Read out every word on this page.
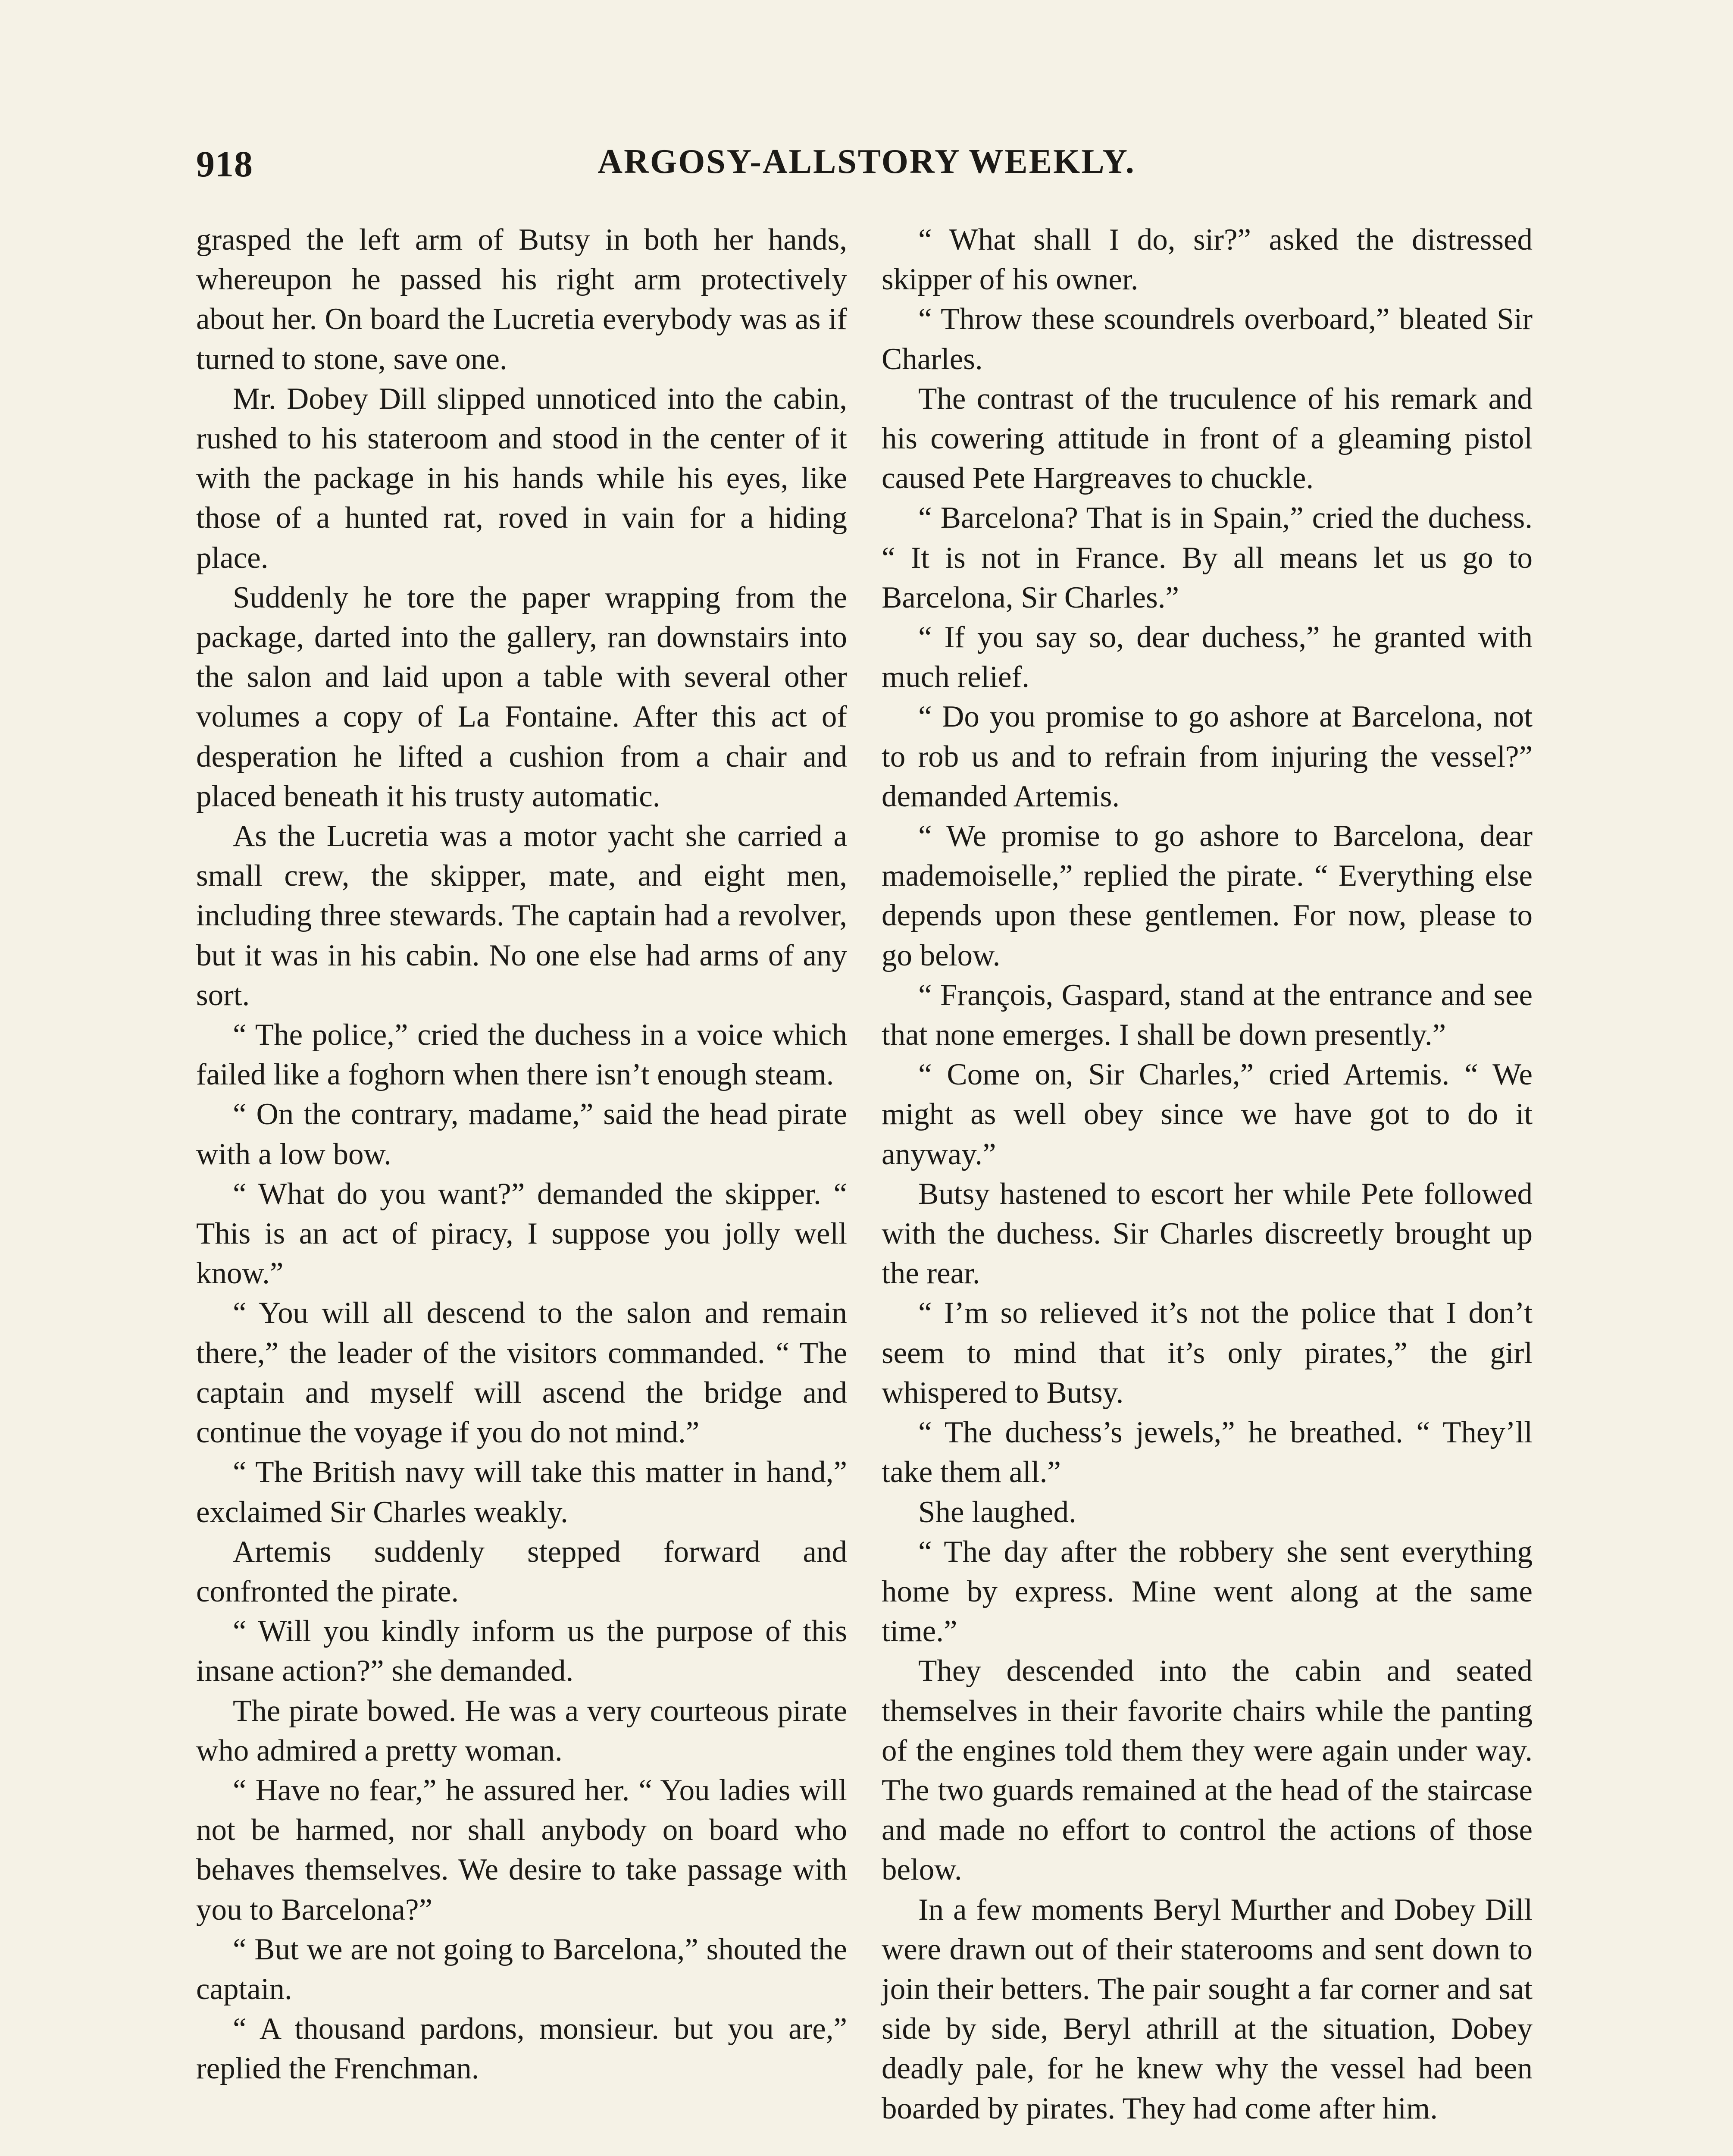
918	ARGOSY-ALLSTORY WEEKLY.

grasped the left arm of Butsy in both her hands, whereupon he passed his right arm protectively about her. On board the Lucretia everybody was as if turned to stone, save one.

Mr. Dobey Dill slipped unnoticed into the cabin, rushed to his stateroom and stood in the center of it with the package in his hands while his eyes, like those of a hunted rat, roved in vain for a hiding place.

Suddenly he tore the paper wrapping from the package, darted into the gallery, ran downstairs into the salon and laid upon a table with several other volumes a copy of La Fontaine. After this act of desperation he lifted a cushion from a chair and placed beneath it his trusty automatic.

As the Lucretia was a motor yacht she carried a small crew, the skipper, mate, and eight men, including three stewards. The captain had a revolver, but it was in his cabin. No one else had arms of any sort.

“ The police,” cried the duchess in a voice which failed like a foghorn when there isn’t enough steam.

“ On the contrary, madame,” said the head pirate with a low bow.

“ What do you want?” demanded the skipper. “ This is an act of piracy, I suppose you jolly well know.”

“ You will all descend to the salon and remain there,” the leader of the visitors commanded. “ The captain and myself will ascend the bridge and continue the voyage if you do not mind.”

“ The British navy will take this matter in hand,” exclaimed Sir Charles weakly.

Artemis suddenly stepped forward and confronted the pirate.

“ Will you kindly inform us the purpose of this insane action?” she demanded.

The pirate bowed. He was a very courteous pirate who admired a pretty woman.

“ Have no fear,” he assured her. “ You ladies will not be harmed, nor shall anybody on board who behaves themselves. We desire to take passage with you to Barcelona?”

“ But we are not going to Barcelona,” shouted the captain.

“ A thousand pardons, monsieur. but you are,” replied the Frenchman.

“ What shall I do, sir?” asked the distressed skipper of his owner.

“ Throw these scoundrels overboard,” bleated Sir Charles.

The contrast of the truculence of his remark and his cowering attitude in front of a gleaming pistol caused Pete Hargreaves to chuckle.

“ Barcelona? That is in Spain,” cried the duchess. “ It is not in France. By all means let us go to Barcelona, Sir Charles.”

“ If you say so, dear duchess,” he granted with much relief.

“ Do you promise to go ashore at Barcelona, not to rob us and to refrain from injuring the vessel?” demanded Artemis.

“ We promise to go ashore to Barcelona, dear mademoiselle,” replied the pirate. “ Everything else depends upon these gentlemen. For now, please to go below.

“ François, Gaspard, stand at the entrance and see that none emerges. I shall be down presently.”

“ Come on, Sir Charles,” cried Artemis. “ We might as well obey since we have got to do it anyway.”

Butsy hastened to escort her while Pete followed with the duchess. Sir Charles discreetly brought up the rear.

“ I’m so relieved it’s not the police that I don’t seem to mind that it’s only pirates,” the girl whispered to Butsy.

“ The duchess’s jewels,” he breathed. “ They’ll take them all.”

She laughed.

“ The day after the robbery she sent everything home by express. Mine went along at the same time.”

They descended into the cabin and seated themselves in their favorite chairs while the panting of the engines told them they were again under way. The two guards remained at the head of the staircase and made no effort to control the actions of those below.

In a few moments Beryl Murther and Dobey Dill were drawn out of their staterooms and sent down to join their betters. The pair sought a far corner and sat side by side, Beryl athrill at the situation, Dobey deadly pale, for he knew why the vessel had been boarded by pirates. They had come after him.
